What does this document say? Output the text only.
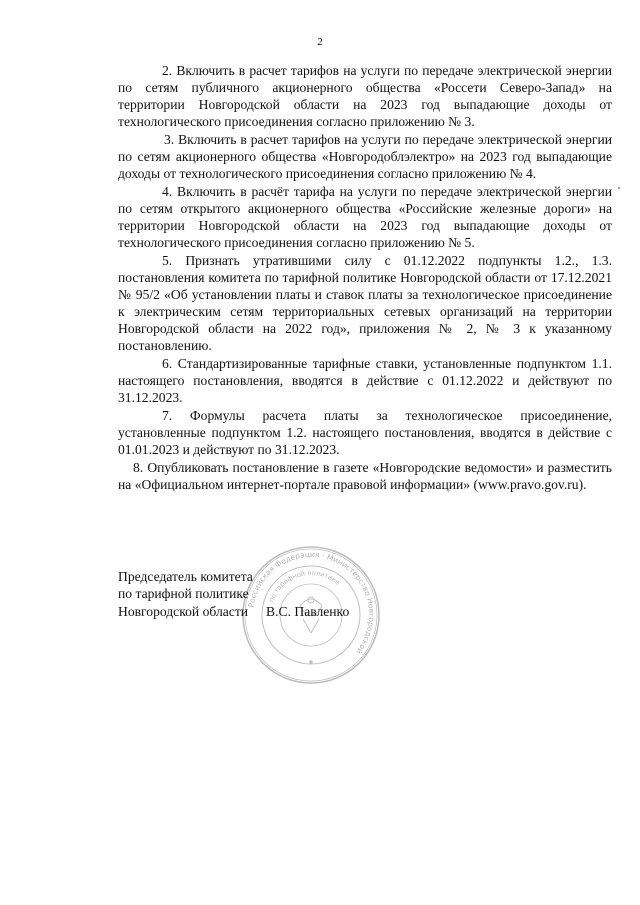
2

2. Включить в расчет тарифов на услуги по передаче электрической энергии по сетям публичного акционерного общества «Россети Северо-Запад» на территории Новгородской области на 2023 год выпадающие доходы от технологического присоединения согласно приложению № 3.

3. Включить в расчет тарифов на услуги по передаче электрической энергии по сетям акционерного общества «Новгородоблэлектро» на 2023 год выпадающие доходы от технологического присоединения согласно приложению № 4.

4. Включить в расчёт тарифа на услуги по передаче электрической энергии по сетям открытого акционерного общества «Российские железные дороги» на территории Новгородской области на 2023 год выпадающие доходы от технологического присоединения согласно приложению № 5.

5. Признать утратившими силу с 01.12.2022 подпункты 1.2., 1.3. постановления комитета по тарифной политике Новгородской области от 17.12.2021 № 95/2 «Об установлении платы и ставок платы за технологическое присоединение к электрическим сетям территориальных сетевых организаций на территории Новгородской области на 2022 год», приложения № 2, № 3 к указанному постановлению.

6. Стандартизированные тарифные ставки, установленные подпунктом 1.1. настоящего постановления, вводятся в действие с 01.12.2022 и действуют по 31.12.2023.

7. Формулы расчета платы за технологическое присоединение, установленные подпунктом 1.2. настоящего постановления, вводятся в действие с 01.01.2023 и действуют по 31.12.2023.

8. Опубликовать постановление в газете «Новгородские ведомости» и разместить на «Официальном интернет-портале правовой информации» (www.pravo.gov.ru).

Российская Федерация · Министерство Новгородской
по тарифной политике
Председатель комитета
по тарифной политике
Новгородской области В.С. Павленко
